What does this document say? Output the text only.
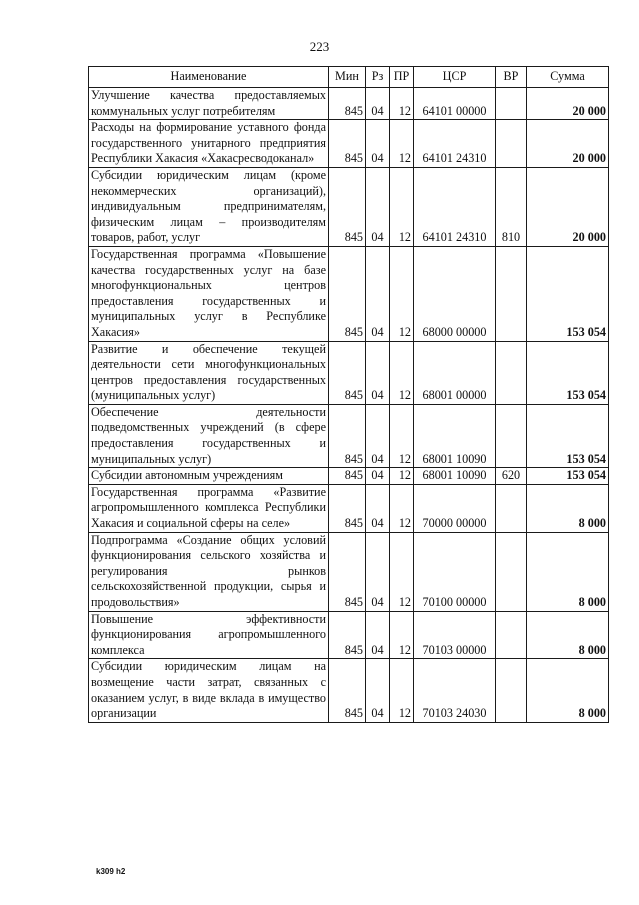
223
Наименование	Мин	Рз	ПР	ЦСР	ВР	Сумма
Улучшение качества предоставляемых коммунальных услуг потребителям	845	04	12	64101 00000		20 000
Расходы на формирование уставного фонда государственного унитарного предприятия Республики Хакасия «Хакасресводоканал»	845	04	12	64101 24310		20 000
Субсидии юридическим лицам (кроме некоммерческих организаций), индивидуальным предпринимателям, физическим лицам – производителям товаров, работ, услуг	845	04	12	64101 24310	810	20 000
Государственная программа «Повышение качества государственных услуг на базе многофункциональных центров предоставления государственных и муниципальных услуг в Республике Хакасия»	845	04	12	68000 00000		153 054
Развитие и обеспечение текущей деятельности сети многофункциональных центров предоставления государственных (муниципальных услуг)	845	04	12	68001 00000		153 054
Обеспечение деятельности подведомственных учреждений (в сфере предоставления государственных и муниципальных услуг)	845	04	12	68001 10090		153 054
Субсидии автономным учреждениям	845	04	12	68001 10090	620	153 054
Государственная программа «Развитие агропромышленного комплекса Республики Хакасия и социальной сферы на селе»	845	04	12	70000 00000		8 000
Подпрограмма «Создание общих условий функционирования сельского хозяйства и регулирования рынков сельскохозяйственной продукции, сырья и продовольствия»	845	04	12	70100 00000		8 000
Повышение эффективности функционирования агропромышленного комплекса	845	04	12	70103 00000		8 000
Субсидии юридическим лицам на возмещение части затрат, связанных с оказанием услуг, в виде вклада в имущество организации	845	04	12	70103 24030		8 000
k309 h2
